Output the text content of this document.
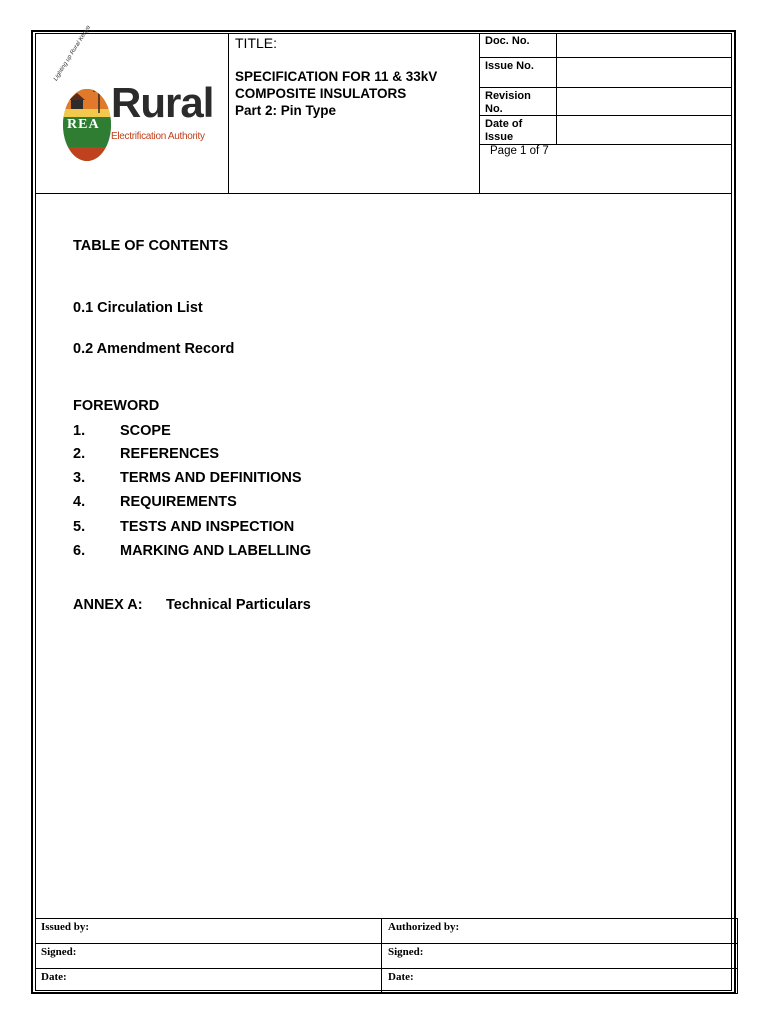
REA
Lighting up Rural Kenya
Rural
Electrification Authority
TITLE:
SPECIFICATION FOR 11 & 33kV
COMPOSITE INSULATORS
Part 2: Pin Type
Doc. No.
Issue No.
Revision No.
Date of Issue
Page 1 of 7
TABLE OF CONTENTS
0.1 Circulation List
0.2 Amendment Record
FOREWORD
1. SCOPE
2. REFERENCES
3. TERMS AND DEFINITIONS
4. REQUIREMENTS
5. TESTS AND INSPECTION
6. MARKING AND LABELLING
ANNEX A: Technical Particulars
Issued by:	Authorized by:
Signed:	Signed:
Date:	Date:
